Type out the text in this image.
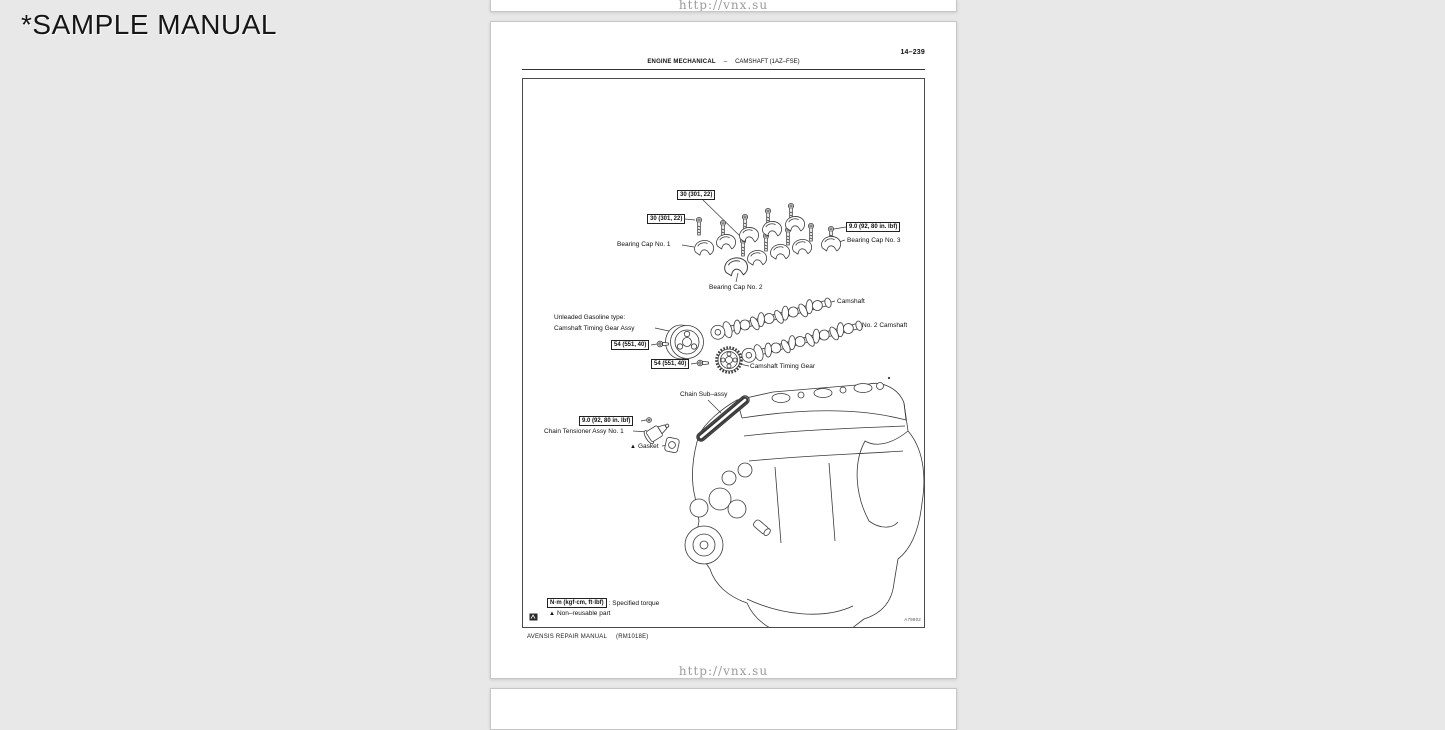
*SAMPLE MANUAL
http://vnx.su
14–239
ENGINE MECHANICAL – CAMSHAFT (1AZ–FSE)
30 (301, 22)
30 (301, 22)
9.0 (92, 80 in. lbf)
54 (551, 40)
54 (551, 40)
9.0 (92, 80 in. lbf)
Bearing Cap No. 1
Bearing Cap No. 3
Bearing Cap No. 2
Camshaft
Unleaded Gasoline type:
Camshaft Timing Gear Assy	No. 2 Camshaft
Camshaft Timing Gear
Chain Sub–assy
Chain Tensioner Assy No. 1
▲ Gasket
N·m (kgf·cm, ft·lbf) : Specified torque
▲ Non–reusable part
A79802
AVENSIS REPAIR MANUAL (RM1018E)
http://vnx.su
